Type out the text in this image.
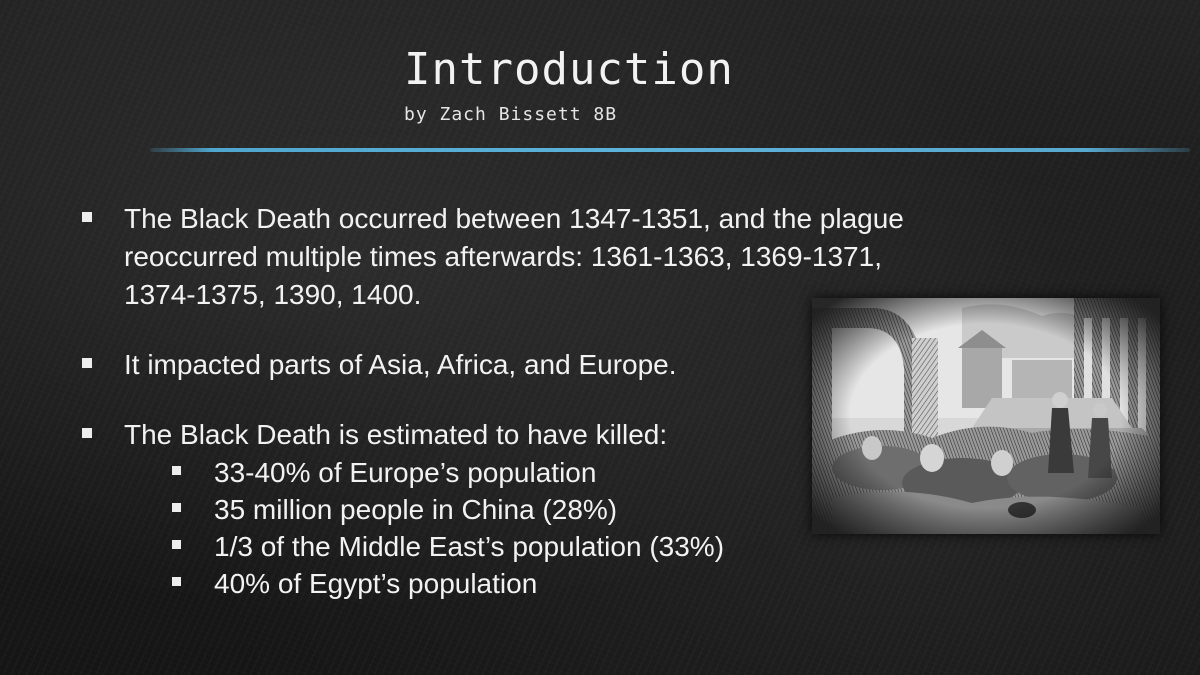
Introduction
by Zach Bissett 8B
The Black Death occurred between 1347-1351, and the plague reoccurred multiple times afterwards: 1361-1363, 1369-1371, 1374-1375, 1390, 1400.
It impacted parts of Asia, Africa, and Europe.
The Black Death is estimated to have killed:
33-40% of Europe’s population
35 million people in China (28%)
1/3 of the Middle East’s population (33%)
40% of Egypt’s population
